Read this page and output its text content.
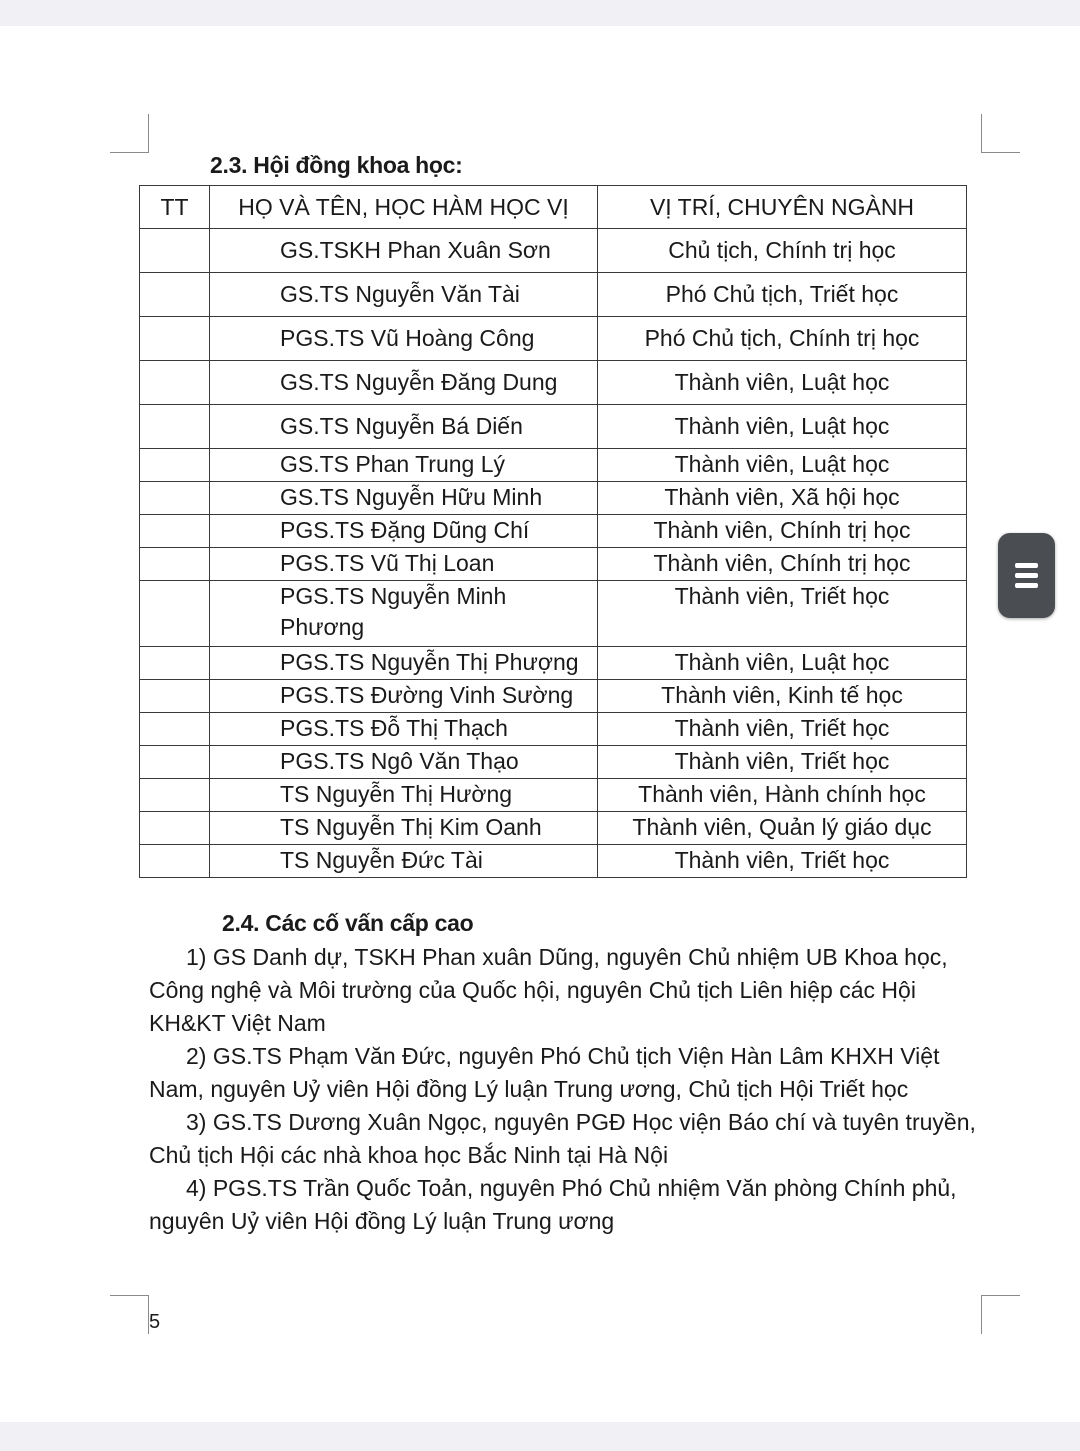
2.3. Hội đồng khoa học:
TT	HỌ VÀ TÊN, HỌC HÀM HỌC VỊ	VỊ TRÍ, CHUYÊN NGÀNH
	GS.TSKH Phan Xuân Sơn	Chủ tịch, Chính trị học
	GS.TS Nguyễn Văn Tài	Phó Chủ tịch, Triết học
	PGS.TS Vũ Hoàng Công	Phó Chủ tịch, Chính trị học
	GS.TS Nguyễn Đăng Dung	Thành viên, Luật học
	GS.TS Nguyễn Bá Diến	Thành viên, Luật học
	GS.TS Phan Trung Lý	Thành viên, Luật học
	GS.TS Nguyễn Hữu Minh	Thành viên, Xã hội học
	PGS.TS Đặng Dũng Chí	Thành viên, Chính trị học
	PGS.TS Vũ Thị Loan	Thành viên, Chính trị học
	PGS.TS Nguyễn Minh Phương	Thành viên, Triết học
	PGS.TS Nguyễn Thị Phượng	Thành viên, Luật học
	PGS.TS Đường Vinh Sường	Thành viên, Kinh tế học
	PGS.TS Đỗ Thị Thạch	Thành viên, Triết học
	PGS.TS Ngô Văn Thạo	Thành viên, Triết học
	TS Nguyễn Thị Hường	Thành viên, Hành chính học
	TS Nguyễn Thị Kim Oanh	Thành viên, Quản lý giáo dục
	TS Nguyễn Đức Tài	Thành viên, Triết học
2.4. Các cố vấn cấp cao

1) GS Danh dự, TSKH Phan xuân Dũng, nguyên Chủ nhiệm UB Khoa học, Công nghệ và Môi trường của Quốc hội, nguyên Chủ tịch Liên hiệp các Hội KH&KT Việt Nam

2) GS.TS Phạm Văn Đức, nguyên Phó Chủ tịch Viện Hàn Lâm KHXH Việt Nam, nguyên Uỷ viên Hội đồng Lý luận Trung ương, Chủ tịch Hội Triết học

3) GS.TS Dương Xuân Ngọc, nguyên PGĐ Học viện Báo chí và tuyên truyền, Chủ tịch Hội các nhà khoa học Bắc Ninh tại Hà Nội

4) PGS.TS Trần Quốc Toản, nguyên Phó Chủ nhiệm Văn phòng Chính phủ, nguyên Uỷ viên Hội đồng Lý luận Trung ương

5
